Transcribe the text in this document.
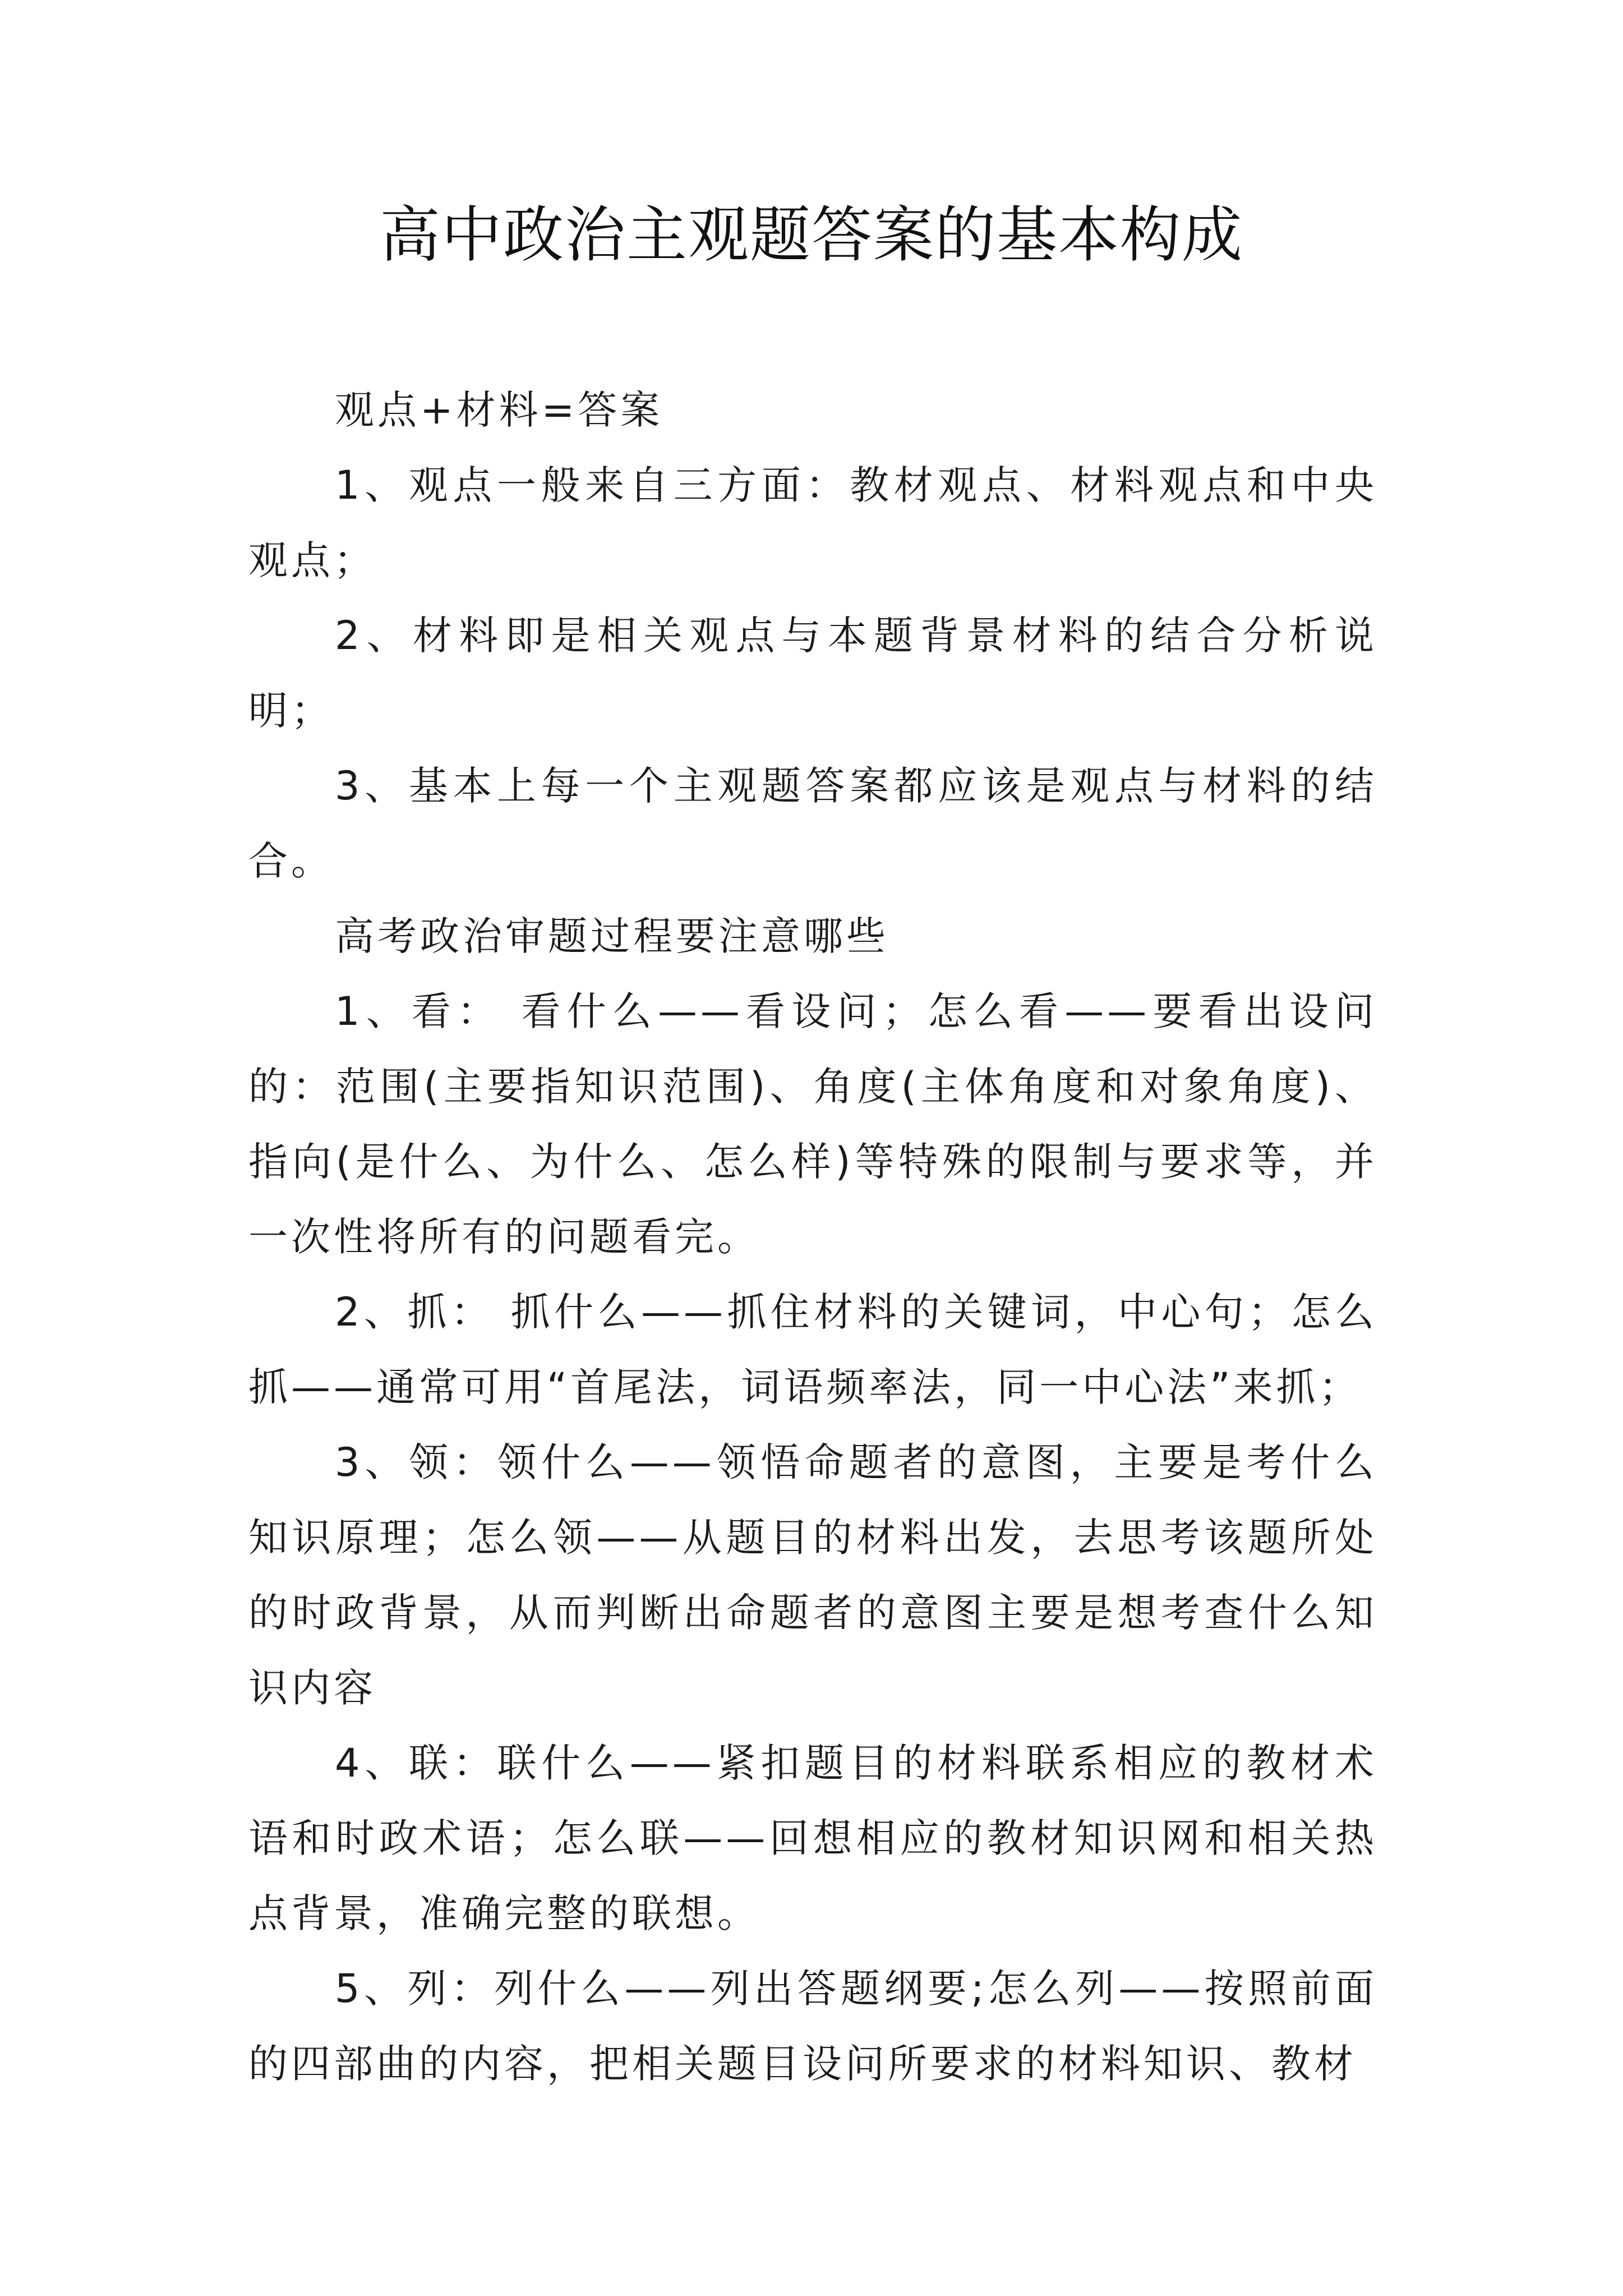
高中政治主观题答案的基本构成

观点+材料=答案

1、观点一般来自三方面：教材观点、材料观点和中央观点；

2、材料即是相关观点与本题背景材料的结合分析说明；

3、基本上每一个主观题答案都应该是观点与材料的结合。

高考政治审题过程要注意哪些

1、看： 看什么——看设问；怎么看——要看出设问的：范围(主要指知识范围)、角度(主体角度和对象角度)、指向(是什么、为什么、怎么样)等特殊的限制与要求等，并一次性将所有的问题看完。

2、抓： 抓什么——抓住材料的关键词，中心句；怎么抓——通常可用“首尾法，词语频率法，同一中心法”来抓；

3、领：领什么——领悟命题者的意图，主要是考什么知识原理；怎么领——从题目的材料出发，去思考该题所处的时政背景，从而判断出命题者的意图主要是想考查什么知识内容

4、联：联什么——紧扣题目的材料联系相应的教材术语和时政术语；怎么联——回想相应的教材知识网和相关热点背景，准确完整的联想。

5、列：列什么——列出答题纲要;怎么列——按照前面的四部曲的内容，把相关题目设问所要求的材料知识、教材
